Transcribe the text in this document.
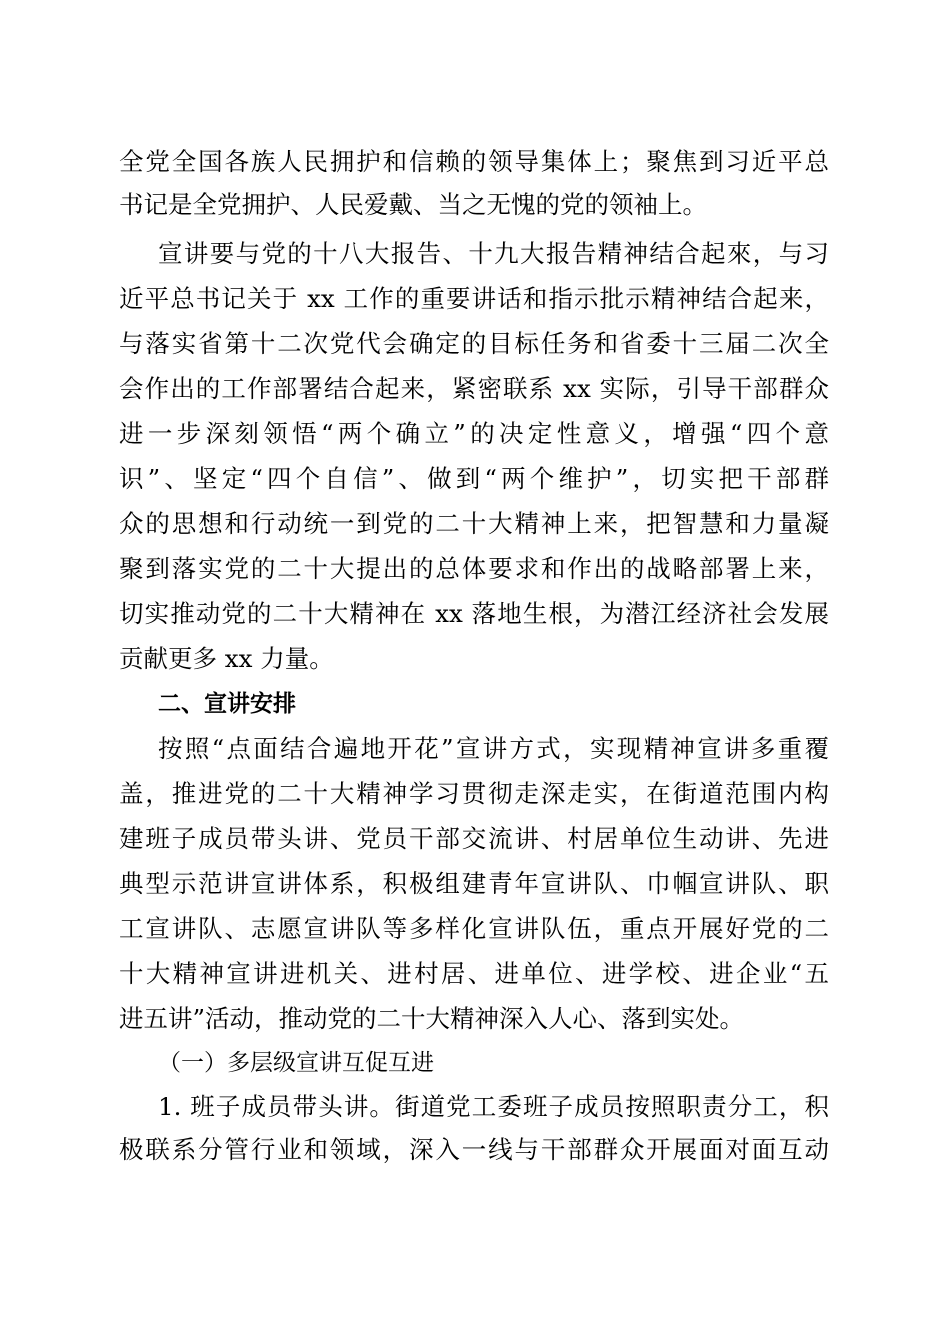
全党全国各族人民拥护和信赖的领导集体上；聚焦到习近平总
书记是全党拥护、人民爱戴、当之无愧的党的领袖上。
宣讲要与党的十八大报告、十九大报告精神结合起來，与习
近平总书记关于 xx 工作的重要讲话和指示批示精神结合起来，
与落实省第十二次党代会确定的目标任务和省委十三届二次全
会作出的工作部署结合起来，紧密联系 xx 实际，引导干部群众
进一步深刻领悟“两个确立”的决定性意义，增强“四个意
识”、坚定“四个自信”、做到“两个维护”，切实把干部群
众的思想和行动统一到党的二十大精神上来，把智慧和力量凝
聚到落实党的二十大提出的总体要求和作出的战略部署上来，
切实推动党的二十大精神在 xx 落地生根，为潜江经济社会发展
贡献更多 xx 力量。
二、宣讲安排
按照“点面结合遍地开花”宣讲方式，实现精神宣讲多重覆
盖，推进党的二十大精神学习贯彻走深走实，在街道范围内构
建班子成员带头讲、党员干部交流讲、村居单位生动讲、先进
典型示范讲宣讲体系，积极组建青年宣讲队、巾帼宣讲队、职
工宣讲队、志愿宣讲队等多样化宣讲队伍，重点开展好党的二
十大精神宣讲进机关、进村居、进单位、进学校、进企业“五
进五讲”活动，推动党的二十大精神深入人心、落到实处。
（一）多层级宣讲互促互进
1. 班子成员带头讲。街道党工委班子成员按照职责分工，积
极联系分管行业和领域，深入一线与干部群众开展面对面互动
